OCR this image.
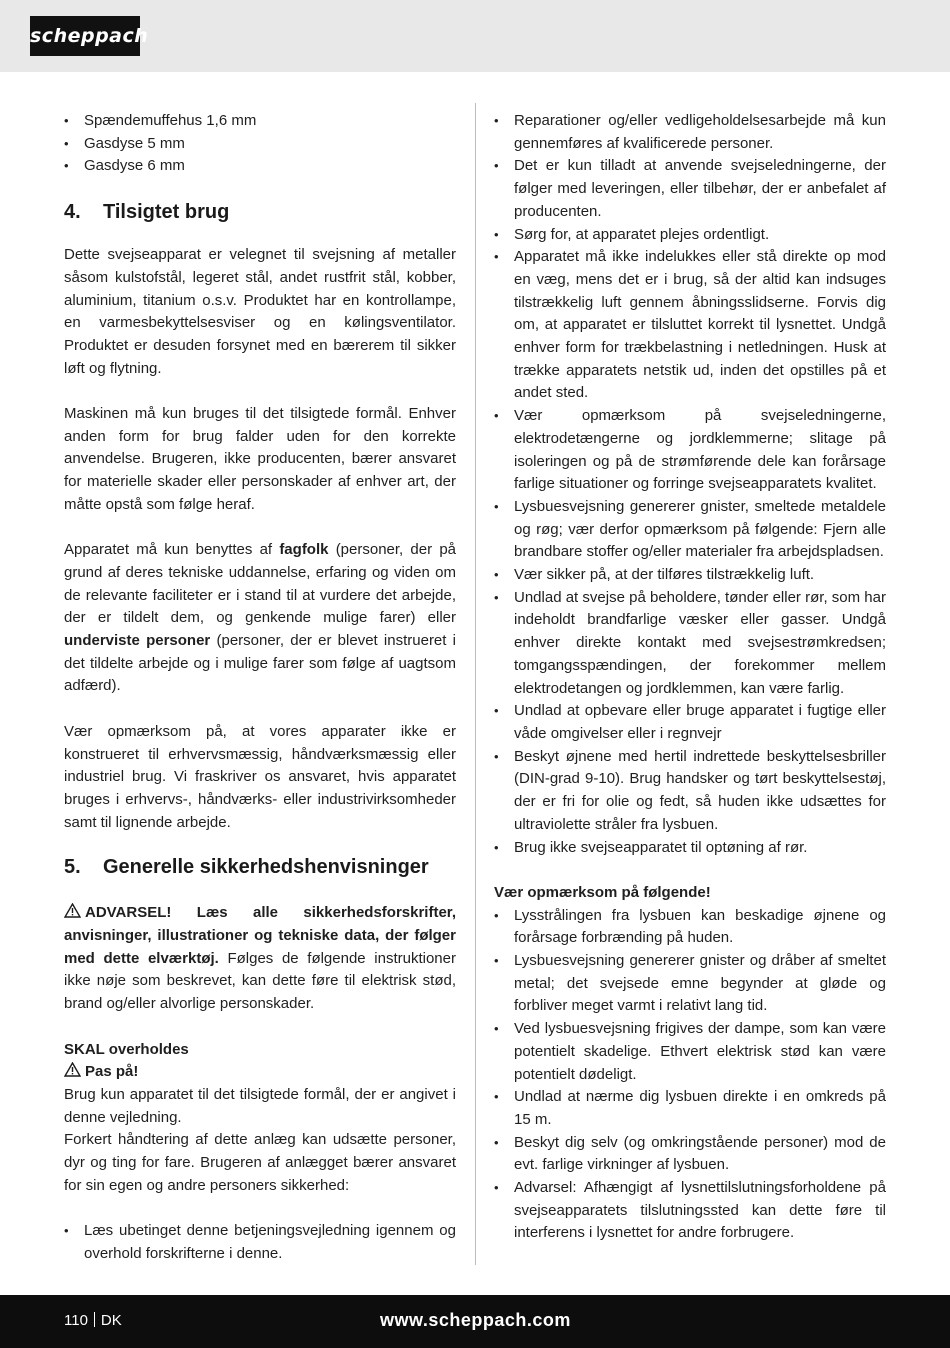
scheppach
• Spændemuffehus 1,6 mm
• Gasdyse 5 mm
• Gasdyse 6 mm
4.	Tilsigtet brug

Dette svejseapparat er velegnet til svejsning af metaller såsom kulstofstål, legeret stål, andet rustfrit stål, kobber, aluminium, titanium o.s.v. Produktet har en kontrollampe, en varmesbekyttelsesviser og en kølingsventilator. Produktet er desuden forsynet med en bærerem til sikker løft og flytning.

Maskinen må kun bruges til det tilsigtede formål. Enhver anden form for brug falder uden for den korrekte anvendelse. Brugeren, ikke producenten, bærer ansvaret for materielle skader eller personskader af enhver art, der måtte opstå som følge heraf.

Apparatet må kun benyttes af fagfolk (personer, der på grund af deres tekniske uddannelse, erfaring og viden om de relevante faciliteter er i stand til at vurdere det arbejde, der er tildelt dem, og genkende mulige farer) eller underviste personer (personer, der er blevet instrueret i det tildelte arbejde og i mulige farer som følge af uagtsom adfærd).

Vær opmærksom på, at vores apparater ikke er konstrueret til erhvervsmæssig, håndværksmæssig eller industriel brug. Vi fraskriver os ansvaret, hvis apparatet bruges i erhvervs-, håndværks- eller industrivirksomheder samt til lignende arbejde.

5.	Generelle sikkerhedshenvisninger

ADVARSEL! Læs alle sikkerhedsforskrifter, anvisninger, illustrationer og tekniske data, der følger med dette elværktøj. Følges de følgende instruktioner ikke nøje som beskrevet, kan dette føre til elektrisk stød, brand og/eller alvorlige personskader.

SKAL overholdes

Pas på!

Brug kun apparatet til det tilsigtede formål, der er angivet i denne vejledning.

Forkert håndtering af dette anlæg kan udsætte personer, dyr og ting for fare. Brugeren af anlægget bærer ansvaret for sin egen og andre personers sikkerhed:

• Læs ubetinget denne betjeningsvejledning igennem og overhold forskrifterne i denne.
• Reparationer og/eller vedligeholdelsesarbejde må kun gennemføres af kvalificerede personer.
• Det er kun tilladt at anvende svejseledningerne, der følger med leveringen, eller tilbehør, der er anbefalet af producenten.
• Sørg for, at apparatet plejes ordentligt.
• Apparatet må ikke indelukkes eller stå direkte op mod en væg, mens det er i brug, så der altid kan indsuges tilstrækkelig luft gennem åbningsslidserne. Forvis dig om, at apparatet er tilsluttet korrekt til lysnettet. Undgå enhver form for trækbelastning i netledningen. Husk at trække apparatets netstik ud, inden det opstilles på et andet sted.
• Vær opmærksom på svejseledningerne, elektrodetængerne og jordklemmerne; slitage på isoleringen og på de strømførende dele kan forårsage farlige situationer og forringe svejseapparatets kvalitet.
• Lysbuesvejsning genererer gnister, smeltede metaldele og røg; vær derfor opmærksom på følgende: Fjern alle brandbare stoffer og/eller materialer fra arbejdspladsen.
• Vær sikker på, at der tilføres tilstrækkelig luft.
• Undlad at svejse på beholdere, tønder eller rør, som har indeholdt brandfarlige væsker eller gasser. Undgå enhver direkte kontakt med svejsestrømkredsen; tomgangsspændingen, der forekommer mellem elektrodetangen og jordklemmen, kan være farlig.
• Undlad at opbevare eller bruge apparatet i fugtige eller våde omgivelser eller i regnvejr
• Beskyt øjnene med hertil indrettede beskyttelsesbriller (DIN-grad 9-10). Brug handsker og tørt beskyttelsestøj, der er fri for olie og fedt, så huden ikke udsættes for ultraviolette stråler fra lysbuen.
• Brug ikke svejseapparatet til optøning af rør.

Vær opmærksom på følgende!

• Lysstrålingen fra lysbuen kan beskadige øjnene og forårsage forbrænding på huden.
• Lysbuesvejsning genererer gnister og dråber af smeltet metal; det svejsede emne begynder at gløde og forbliver meget varmt i relativt lang tid.
• Ved lysbuesvejsning frigives der dampe, som kan være potentielt skadelige. Ethvert elektrisk stød kan være potentielt dødeligt.
• Undlad at nærme dig lysbuen direkte i en omkreds på 15 m.
• Beskyt dig selv (og omkringstående personer) mod de evt. farlige virkninger af lysbuen.
• Advarsel: Afhængigt af lysnettilslutningsforholdene på svejseapparatets tilslutningssted kan dette føre til interferens i lysnettet for andre forbrugere.
110 DK	www.scheppach.com
